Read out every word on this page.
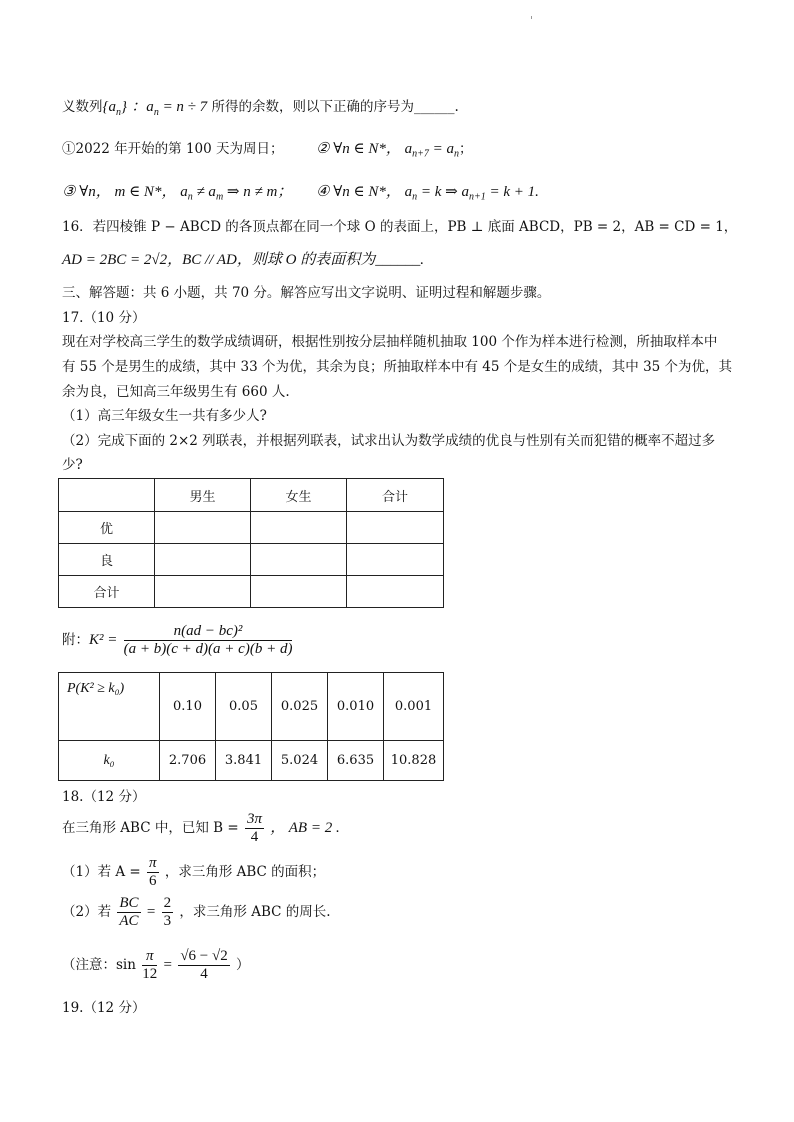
义数列$\{a_n\}$ ：$a_n = n \div 7$ 所得的余数，则以下正确的序号为______.
①2022 年开始的第 100 天为周日； ② ∀n ∈ N*， $a_{n+7} = a_n$；
③ ∀n， m ∈ N*， $a_n \ne a_m$ ⇒ n ≠ m； ④ ∀n ∈ N*， $a_n = k$ ⇒ $a_{n+1} = k + 1$.
16．若四棱锥 P − ABCD 的各顶点都在同一个球 O 的表面上，PB ⊥ 底面 ABCD，PB = 2，AB = CD = 1，
AD = 2BC = 2√2，BC // AD，则球 O 的表面积为______.
三、解答题：共 6 小题，共 70 分。解答应写出文字说明、证明过程和解题步骤。
17.（10 分）
现在对学校高三学生的数学成绩调研，根据性别按分层抽样随机抽取 100 个作为样本进行检测，所抽取样本中
有 55 个是男生的成绩，其中 33 个为优，其余为良；所抽取样本中有 45 个是女生的成绩，其中 35 个为优，其
余为良，已知高三年级男生有 660 人.
（1）高三年级女生一共有多少人?
（2）完成下面的 2×2 列联表，并根据列联表，试求出认为数学成绩的优良与性别有关而犯错的概率不超过多
少?
	男生	女生	合计
优			
良			
合计			
附：$K^2 = \frac{\text{n(ad − bc)²}}{(a + b)(c + d)(a + c)(b + d)}$
P(K² ≥ k₀)	0.10	0.05	0.025	0.010	0.001
k₀	2.706	3.841	5.024	6.635	10.828
18.（12 分）
在三角形 ABC 中，已知 $B = \frac{3\pi}{4}$ ， AB = 2 .
（1）若 $A = \frac{\pi}{6}$ ，求三角形 ABC 的面积；
（2）若 $\frac{BC}{AC} = \frac{2}{3}$ ，求三角形 ABC 的周长.
（注意：$\sin \frac{\pi}{12} = \frac{√6 - √2}{4}$ ）
19.（12 分）
